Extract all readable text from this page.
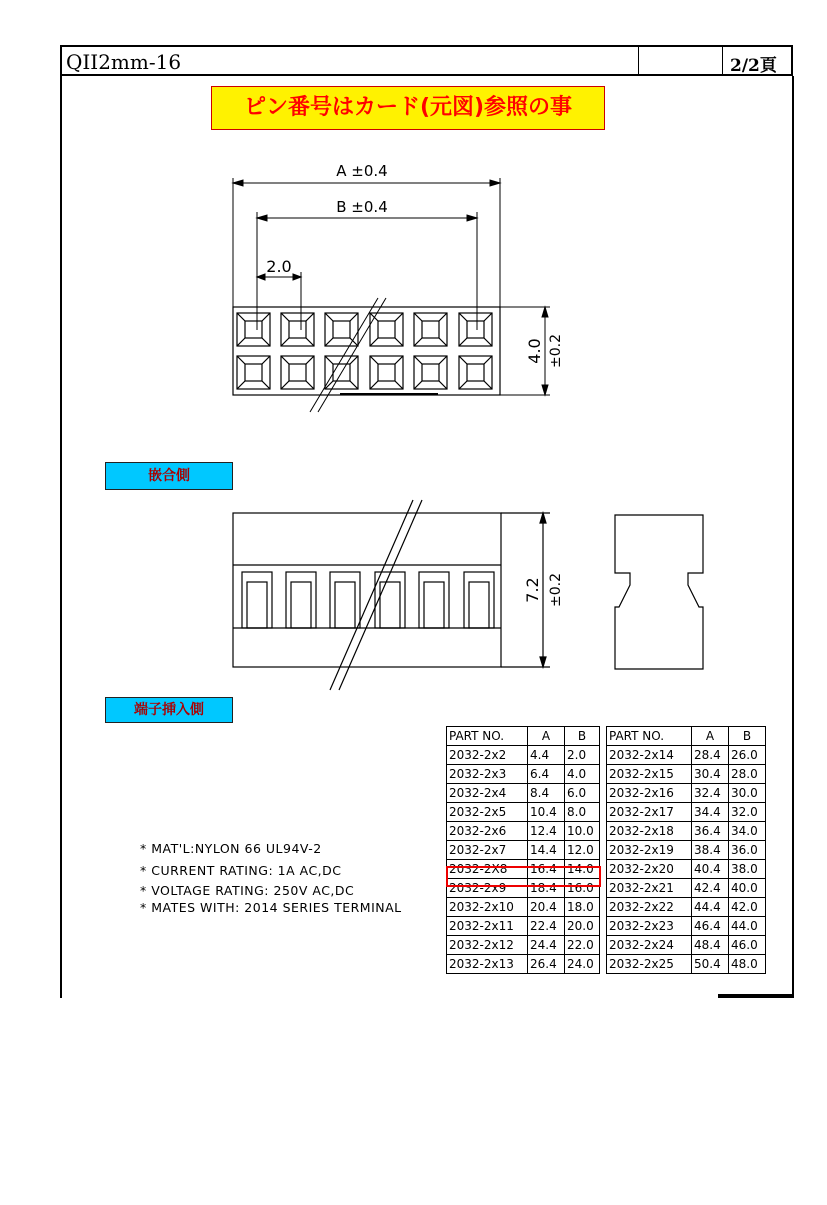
QII2mm-16	2/2頁
ピン番号はカード(元図)参照の事
A ±0.4
B ±0.4
2.0
4.0 ±0.2
嵌合側
7.2 ±0.2
端子挿入側
* MAT'L:NYLON 66 UL94V-2
* CURRENT RATING: 1A AC,DC
* VOLTAGE RATING: 250V AC,DC
* MATES WITH: 2014 SERIES TERMINAL
PART NO.	A	B
2032-2x2	4.4	2.0
2032-2x3	6.4	4.0
2032-2x4	8.4	6.0
2032-2x5	10.4	8.0
2032-2x6	12.4	10.0
2032-2x7	14.4	12.0
2032-2X8	16.4	14.0
2032-2x9	18.4	16.0
2032-2x10	20.4	18.0
2032-2x11	22.4	20.0
2032-2x12	24.4	22.0
2032-2x13	26.4	24.0
PART NO.	A	B
2032-2x14	28.4	26.0
2032-2x15	30.4	28.0
2032-2x16	32.4	30.0
2032-2x17	34.4	32.0
2032-2x18	36.4	34.0
2032-2x19	38.4	36.0
2032-2x20	40.4	38.0
2032-2x21	42.4	40.0
2032-2x22	44.4	42.0
2032-2x23	46.4	44.0
2032-2x24	48.4	46.0
2032-2x25	50.4	48.0
